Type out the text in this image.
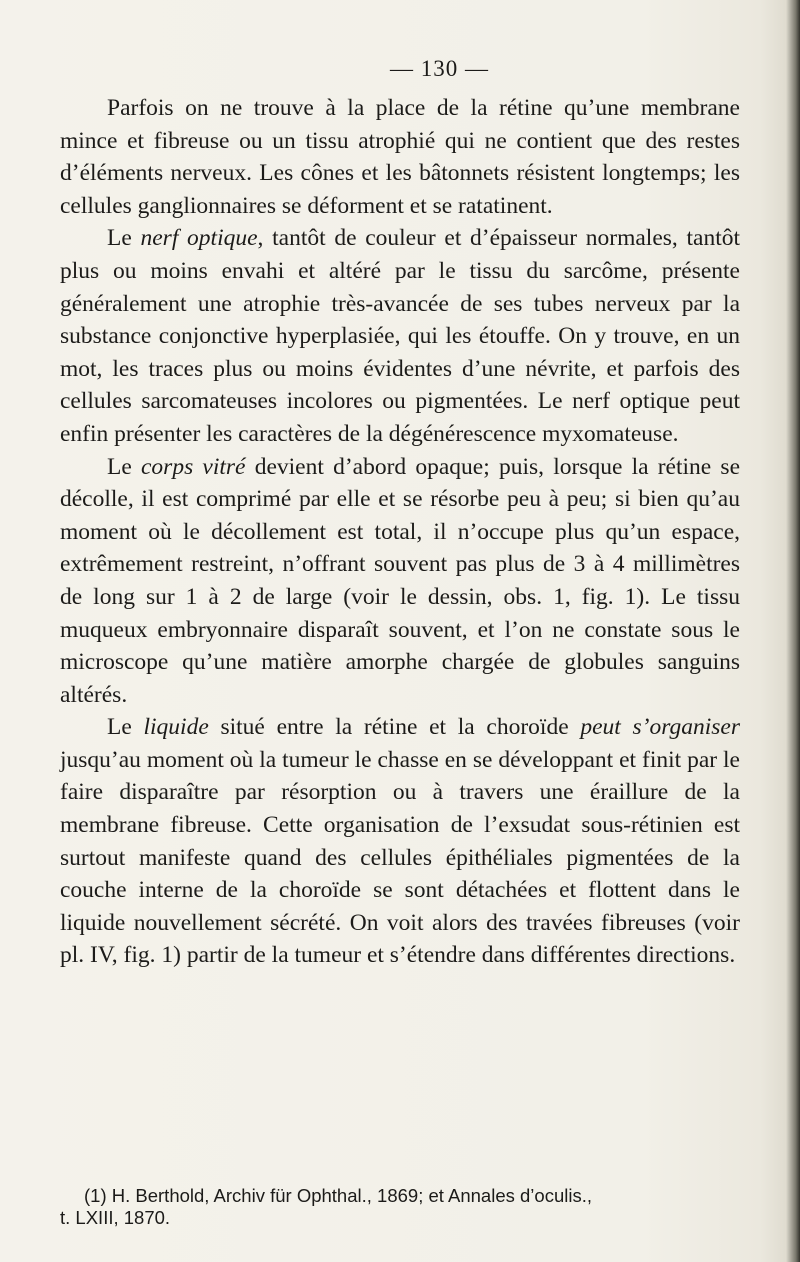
— 130 —

Parfois on ne trouve à la place de la rétine qu’une membrane mince et fibreuse ou un tissu atrophié qui ne contient que des restes d’éléments nerveux. Les cônes et les bâtonnets résistent longtemps; les cellules ganglionnaires se déforment et se ratatinent.

Le nerf optique, tantôt de couleur et d’épaisseur normales, tantôt plus ou moins envahi et altéré par le tissu du sarcôme, présente généralement une atrophie très-avancée de ses tubes nerveux par la substance conjonctive hyperplasiée, qui les étouffe. On y trouve, en un mot, les traces plus ou moins évidentes d’une névrite, et parfois des cellules sarcomateuses incolores ou pigmentées. Le nerf optique peut enfin présenter les caractères de la dégénérescence myxomateuse.

Le corps vitré devient d’abord opaque; puis, lorsque la rétine se décolle, il est comprimé par elle et se résorbe peu à peu; si bien qu’au moment où le décollement est total, il n’occupe plus qu’un espace, extrêmement restreint, n’offrant souvent pas plus de 3 à 4 millimètres de long sur 1 à 2 de large (voir le dessin, obs. 1, fig. 1). Le tissu muqueux embryonnaire disparaît souvent, et l’on ne constate sous le microscope qu’une matière amorphe chargée de globules sanguins altérés.

Le liquide situé entre la rétine et la choroïde peut s’organiser jusqu’au moment où la tumeur le chasse en se développant et finit par le faire disparaître par résorption ou à travers une éraillure de la membrane fibreuse. Cette organisation de l’exsudat sous-rétinien est surtout manifeste quand des cellules épithéliales pigmentées de la couche interne de la choroïde se sont détachées et flottent dans le liquide nouvellement sécrété. On voit alors des travées fibreuses (voir pl. IV, fig. 1) partir de la tumeur et s’étendre dans différentes directions.

(1) H. Berthold, Archiv für Ophthal., 1869; et Annales d’oculis.,
t. LXIII, 1870.
